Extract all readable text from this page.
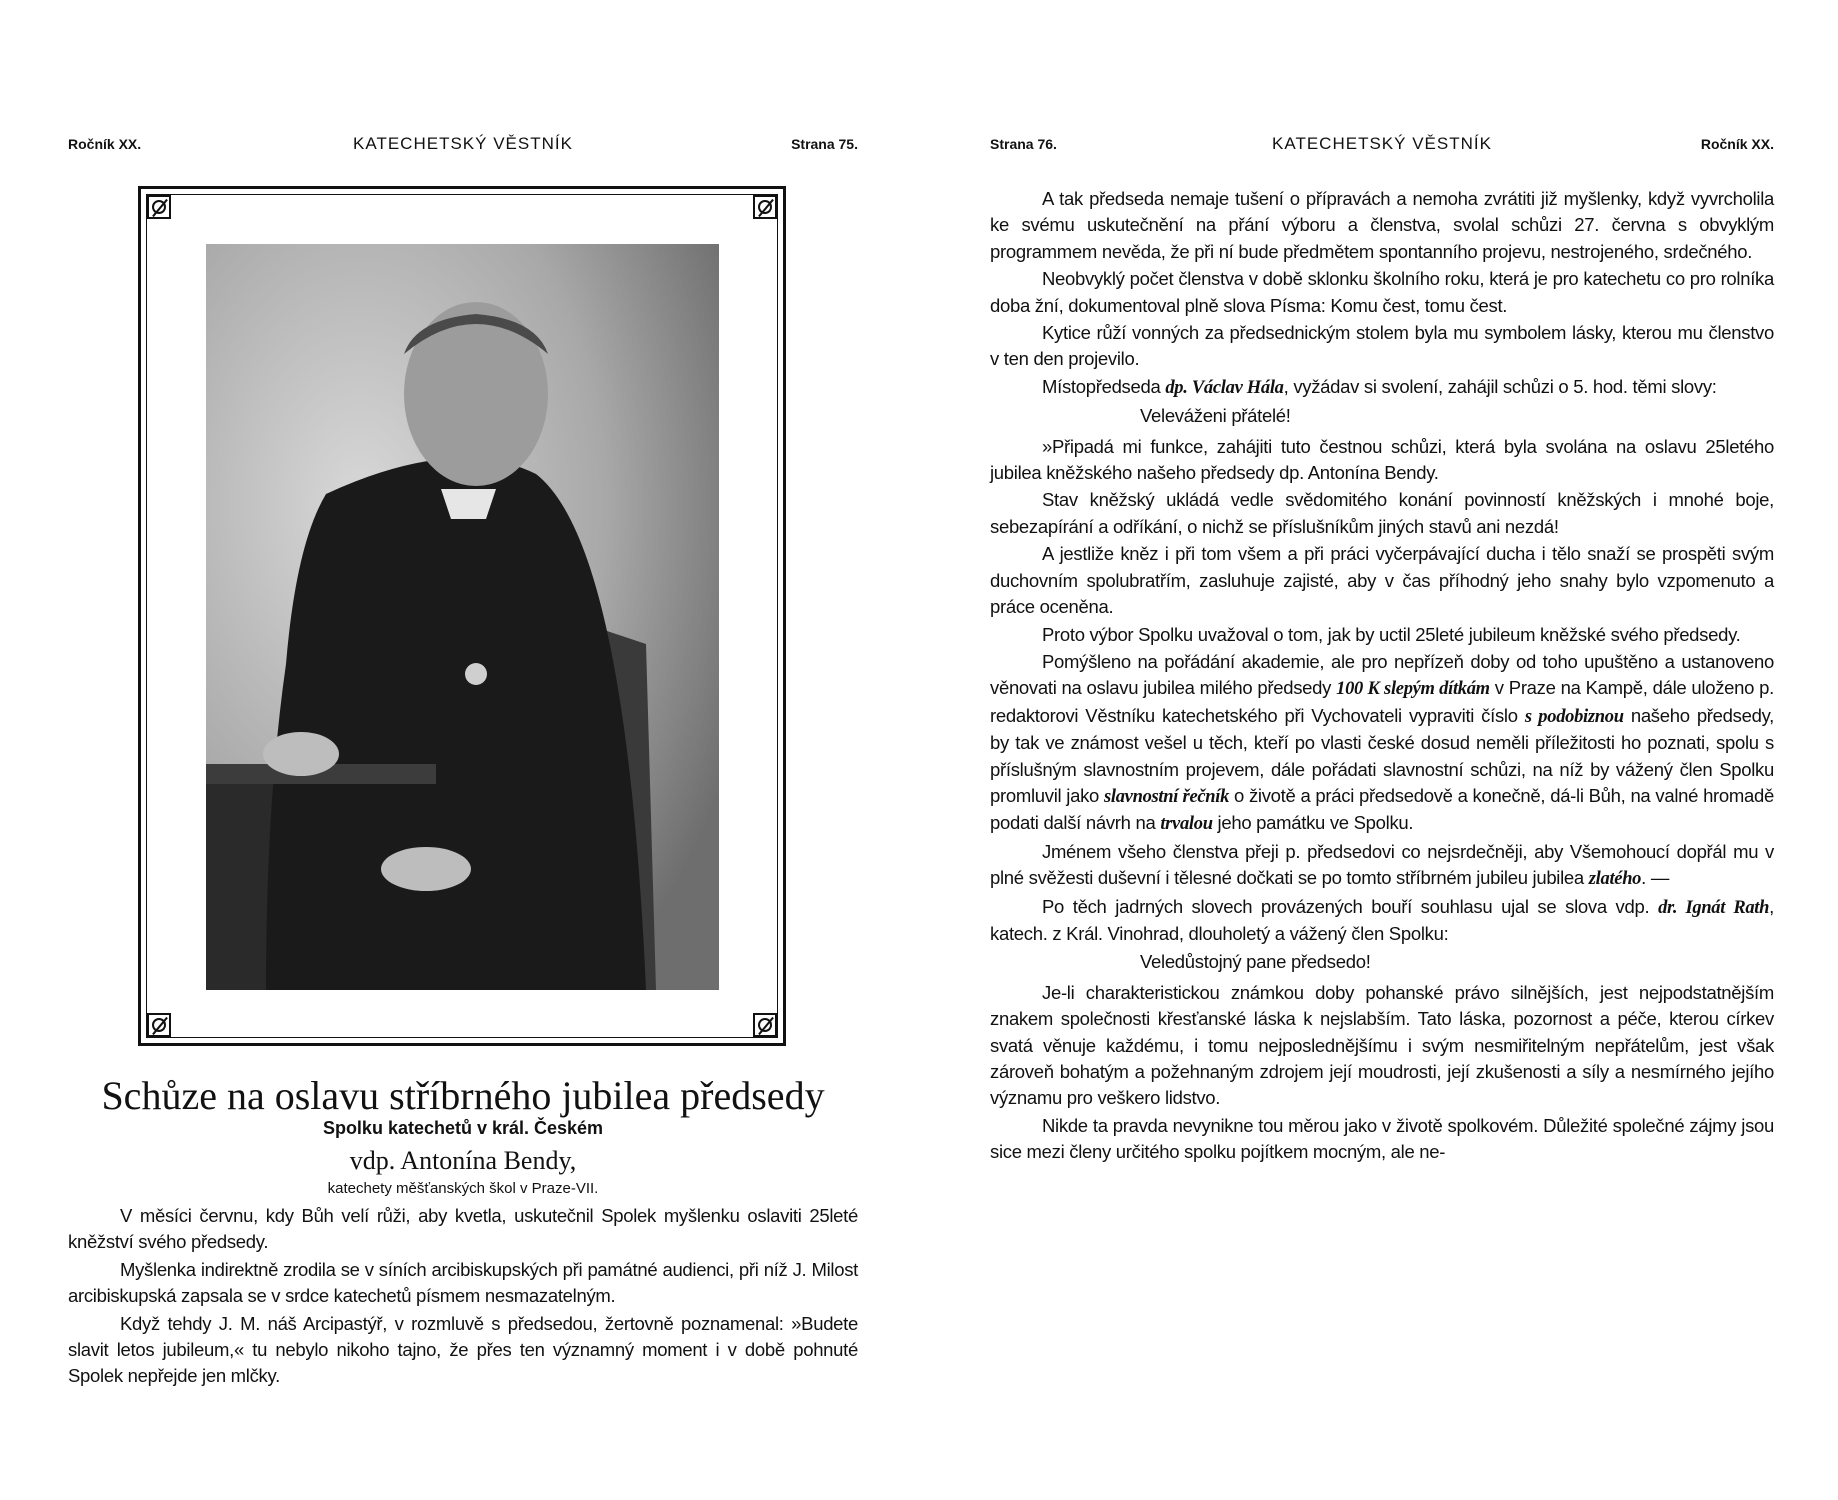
Ročník XX.	KATECHETSKÝ VĚSTNÍK	Strana 75.
Schůze na oslavu stříbrného jubilea předsedy
Spolku katechetů v král. Českém
vdp. Antonína Bendy,
katechety měšťanských škol v Praze-VII.

V měsíci červnu, kdy Bůh velí růži, aby kvetla, uskutečnil Spolek myšlenku oslaviti 25leté kněžství svého předsedy.

Myšlenka indirektně zrodila se v síních arcibiskupských při památné audienci, při níž J. Milost arcibiskupská zapsala se v srdce katechetů písmem nesmazatelným.

Když tehdy J. M. náš Arcipastýř, v rozmluvě s předsedou, žertovně poznamenal: »Budete slavit letos jubileum,« tu nebylo nikoho tajno, že přes ten významný moment i v době pohnuté Spolek nepřejde jen mlčky.

Strana 76.	KATECHETSKÝ VĚSTNÍK	Ročník XX.

A tak předseda nemaje tušení o přípravách a nemoha zvrátiti již myšlenky, když vyvrcholila ke svému uskutečnění na přání výboru a členstva, svolal schůzi 27. června s obvyklým programmem nevěda, že při ní bude předmětem spontanního projevu, nestrojeného, srdečného.

Neobvyklý počet členstva v době sklonku školního roku, která je pro katechetu co pro rolníka doba žní, dokumentoval plně slova Písma: Komu čest, tomu čest.

Kytice růží vonných za předsednickým stolem byla mu symbolem lásky, kterou mu členstvo v ten den projevilo.

Místopředseda dp. Václav Hála, vyžádav si svolení, zahájil schůzi o 5. hod. těmi slovy:

Veleváženi přátelé!

»Připadá mi funkce, zahájiti tuto čestnou schůzi, která byla svolána na oslavu 25letého jubilea kněžského našeho předsedy dp. Antonína Bendy.

Stav kněžský ukládá vedle svědomitého konání povinností kněžských i mnohé boje, sebezapírání a odříkání, o nichž se příslušníkům jiných stavů ani nezdá!

A jestliže kněz i při tom všem a při práci vyčerpávající ducha i tělo snaží se prospěti svým duchovním spolubratřím, zasluhuje zajisté, aby v čas příhodný jeho snahy bylo vzpomenuto a práce oceněna.

Proto výbor Spolku uvažoval o tom, jak by uctil 25leté jubileum kněžské svého předsedy.

Pomýšleno na pořádání akademie, ale pro nepřízeň doby od toho upuštěno a ustanoveno věnovati na oslavu jubilea milého předsedy 100 K slepým dítkám v Praze na Kampě, dále uloženo p. redaktorovi Věstníku katechetského při Vychovateli vypraviti číslo s podobiznou našeho předsedy, by tak ve známost vešel u těch, kteří po vlasti české dosud neměli příležitosti ho poznati, spolu s příslušným slavnostním projevem, dále pořádati slavnostní schůzi, na níž by vážený člen Spolku promluvil jako slavnostní řečník o životě a práci předsedově a konečně, dá-li Bůh, na valné hromadě podati další návrh na trvalou jeho památku ve Spolku.

Jménem všeho členstva přeji p. předsedovi co nejsrdečněji, aby Všemohoucí dopřál mu v plné svěžesti duševní i tělesné dočkati se po tomto stříbrném jubileu jubilea zlatého. —

Po těch jadrných slovech provázených bouří souhlasu ujal se slova vdp. dr. Ignát Rath, katech. z Král. Vinohrad, dlouholetý a vážený člen Spolku:

Veledůstojný pane předsedo!

Je-li charakteristickou známkou doby pohanské právo silnějších, jest nejpodstatnějším znakem společnosti křesťanské láska k nejslabším. Tato láska, pozornost a péče, kterou církev svatá věnuje každému, i tomu nejposlednějšímu i svým nesmiřitelným nepřátelům, jest však zároveň bohatým a požehnaným zdrojem její moudrosti, její zkušenosti a síly a nesmírného jejího významu pro veškero lidstvo.

Nikde ta pravda nevynikne tou měrou jako v životě spolkovém. Důležité společné zájmy jsou sice mezi členy určitého spolku pojítkem mocným, ale ne-
